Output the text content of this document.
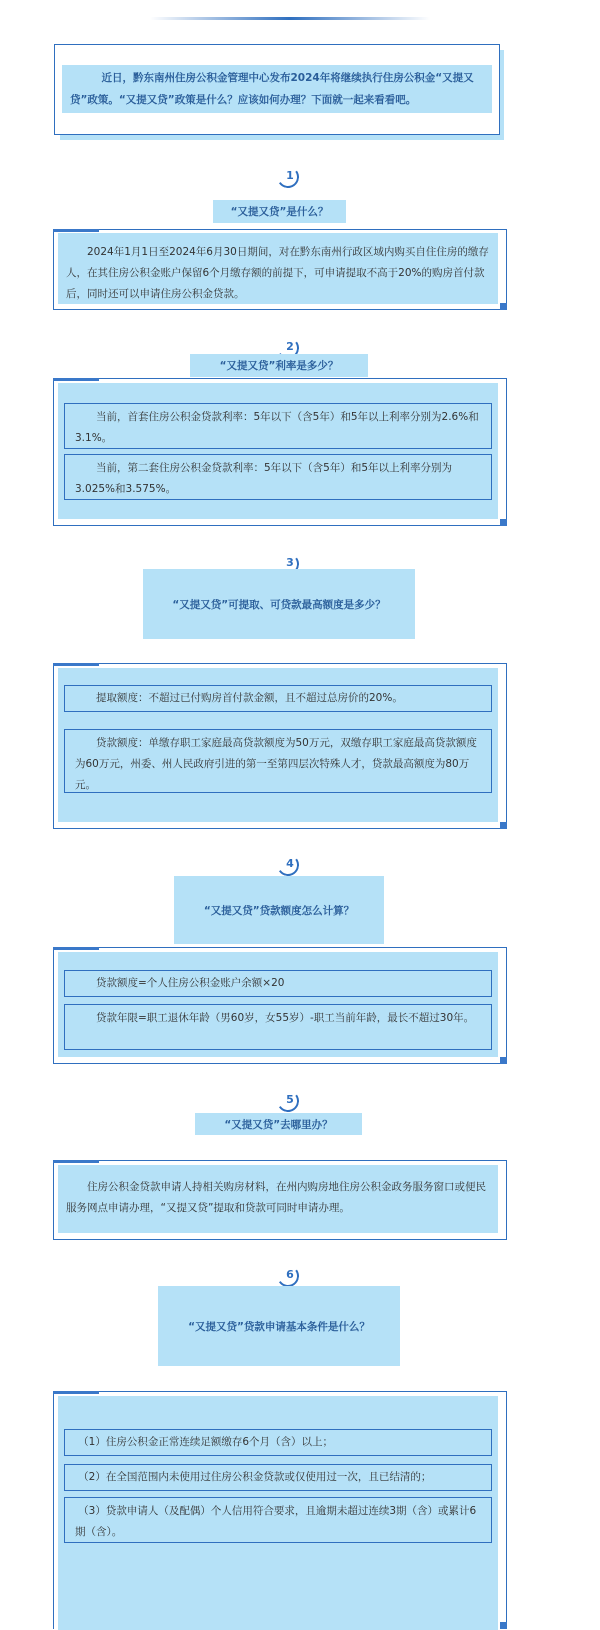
近日，黔东南州住房公积金管理中心发布2024年将继续执行住房公积金“又提又贷”政策。“又提又贷”政策是什么？应该如何办理？下面就一起来看看吧。

1
“又提又贷”是什么？

2024年1月1日至2024年6月30日期间，对在黔东南州行政区域内购买自住住房的缴存人，在其住房公积金账户保留6个月缴存额的前提下，可申请提取不高于20%的购房首付款后，同时还可以申请住房公积金贷款。

2
“又提又贷”利率是多少？

当前，首套住房公积金贷款利率：5年以下（含5年）和5年以上利率分别为2.6%和3.1%。

当前，第二套住房公积金贷款利率：5年以下（含5年）和5年以上利率分别为3.025%和3.575%。

3
“又提又贷”可提取、可贷款最高额度是多少？

提取额度：不超过已付购房首付款金额，且不超过总房价的20%。

贷款额度：单缴存职工家庭最高贷款额度为50万元，双缴存职工家庭最高贷款额度为60万元，州委、州人民政府引进的第一至第四层次特殊人才，贷款最高额度为80万元。

4
“又提又贷”贷款额度怎么计算？

贷款额度=个人住房公积金账户余额×20

贷款年限=职工退休年龄（男60岁，女55岁）-职工当前年龄，最长不超过30年。

5
“又提又贷”去哪里办？

住房公积金贷款申请人持相关购房材料，在州内购房地住房公积金政务服务窗口或便民服务网点申请办理，“又提又贷”提取和贷款可同时申请办理。

6
“又提又贷”贷款申请基本条件是什么？

（1）住房公积金正常连续足额缴存6个月（含）以上；

（2）在全国范围内未使用过住房公积金贷款或仅使用过一次，且已结清的；

（3）贷款申请人（及配偶）个人信用符合要求，且逾期未超过连续3期（含）或累计6期（含）。
